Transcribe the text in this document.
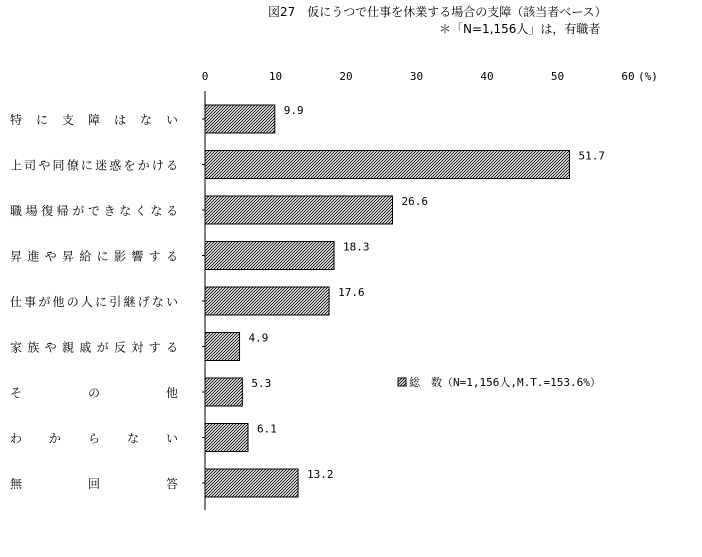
図27　仮にうつで仕事を休業する場合の支障（該当者ベース）
＊「N=1,156人」は，有職者
0	10	20	30	40	50	60 (%)
特に支障はない
9.9
上司や同僚に迷惑をかける
51.7
職場復帰ができなくなる
26.6
昇進や昇給に影響する
18.3
仕事が他の人に引継げない
17.6
家族や親戚が反対する
4.9
その他
5.3
わからない
6.1
無回答
13.2
総　数（N=1,156人,M.T.=153.6%）
